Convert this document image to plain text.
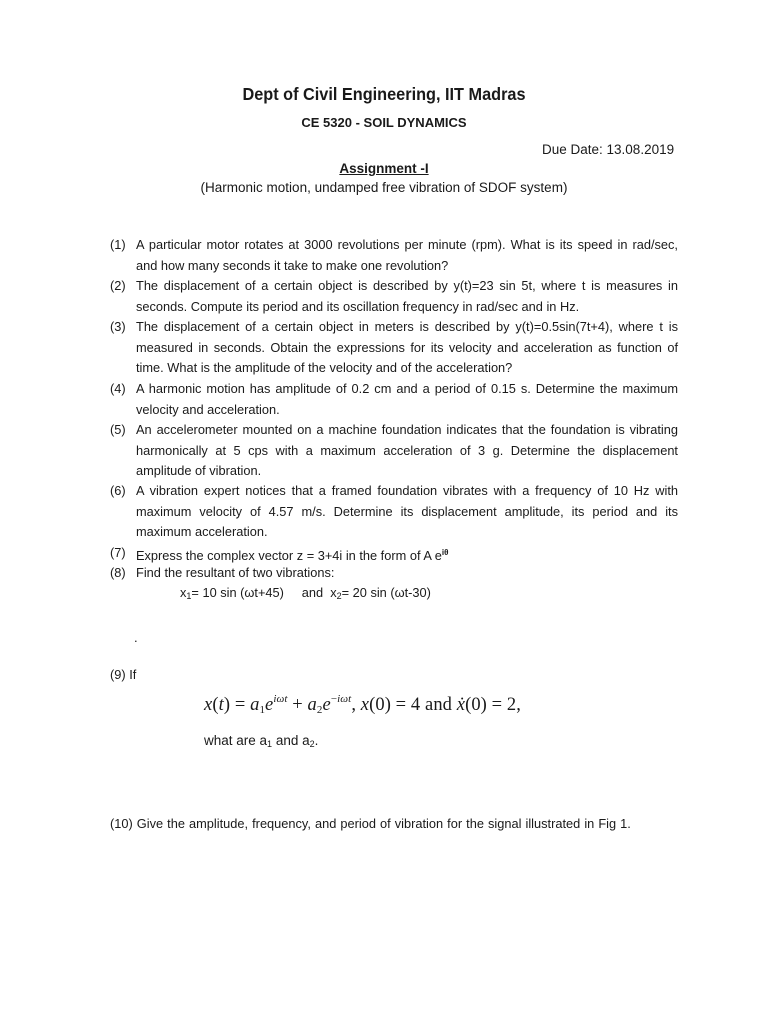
Dept of Civil Engineering, IIT Madras
CE 5320 - SOIL DYNAMICS
Due Date: 13.08.2019
Assignment -I
(Harmonic motion, undamped free vibration of SDOF system)
(1) A particular motor rotates at 3000 revolutions per minute (rpm). What is its speed in rad/sec, and how many seconds it take to make one revolution?
(2) The displacement of a certain object is described by y(t)=23 sin 5t, where t is measures in seconds. Compute its period and its oscillation frequency in rad/sec and in Hz.
(3) The displacement of a certain object in meters is described by y(t)=0.5sin(7t+4), where t is measured in seconds. Obtain the expressions for its velocity and acceleration as function of time. What is the amplitude of the velocity and of the acceleration?
(4) A harmonic motion has amplitude of 0.2 cm and a period of 0.15 s. Determine the maximum velocity and acceleration.
(5) An accelerometer mounted on a machine foundation indicates that the foundation is vibrating harmonically at 5 cps with a maximum acceleration of 3 g. Determine the displacement amplitude of vibration.
(6) A vibration expert notices that a framed foundation vibrates with a frequency of 10 Hz with maximum velocity of 4.57 m/s. Determine its displacement amplitude, its period and its maximum acceleration.
(7) Express the complex vector z = 3+4i in the form of A $e^{i\theta}$
(8) Find the resultant of two vibrations:
$x_1= 10$ sin (ωt+45) and $x_2= 20$ sin (ωt-30)
.
(9) If
$x(t) = a_1e^{i\omega t} + a_2e^{-i\omega t}$, x(0) = 4 and ẋ(0) = 2,
what are $a_1$ and $a_2$.
(10) Give the amplitude, frequency, and period of vibration for the signal illustrated in Fig 1.
